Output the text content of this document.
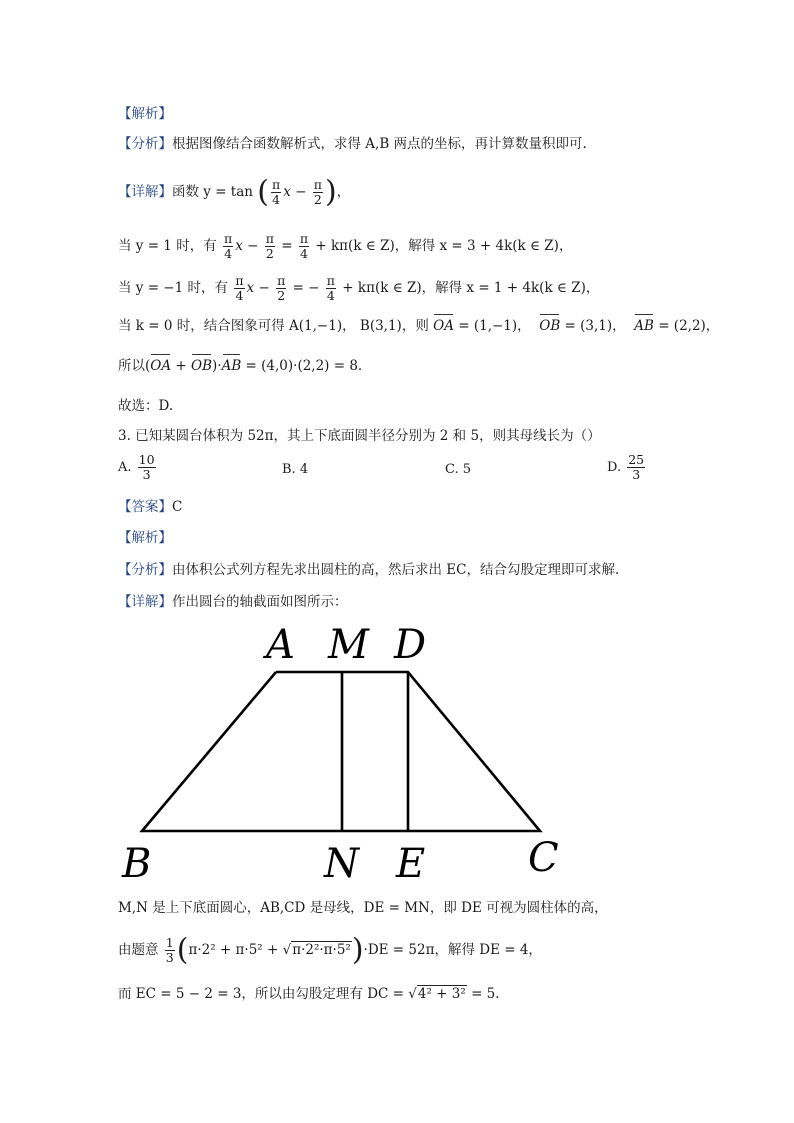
【解析】
【分析】根据图像结合函数解析式，求得 A,B 两点的坐标，再计算数量积即可.
【详解】函数 y = tan ( $\frac{\pi}{4}$ $x - \frac{\pi}{2}$ )，
当 y = 1 时，有 $\frac{\pi}{4}$ $x - \frac{\pi}{2} = \frac{\pi}{4} + k\pi(k$ ∈ Z)，解得 x = 3 + 4k(k ∈ Z)，
当 y = −1 时，有 $\frac{\pi}{4}$ $x - \frac{\pi}{2}$ = − $\frac{\pi}{4} + k\pi(k$ ∈ Z)，解得 x = 1 + 4k(k ∈ Z)，
当 k = 0 时，结合图象可得 A(1,−1)， B(3,1)，则 OA = (1,−1)，  OB = (3,1)，  AB = (2,2)，
所以(OA + OB)·AB = (4,0)·(2,2) = 8.
故选：D.
3. 已知某圆台体积为 52π，其上下底面圆半径分别为 2 和 5，则其母线长为（）
A. $\frac{10}{3}$	B. 4	C. 5	D. $\frac{25}{3}$
【答案】C
【解析】
【分析】由体积公式列方程先求出圆柱的高，然后求出 EC，结合勾股定理即可求解.
【详解】作出圆台的轴截面如图所示：
A M D
B	N E	C
M,N 是上下底面圆心，AB,CD 是母线，DE = MN，即 DE 可视为圆柱体的高，
由题意 $\frac{1}{3} (\pi\cdot 2^2 + \pi\cdot 5^2 + √\pi\cdot 2^2\cdot\pi\cdot 5^2)\cdot DE = 52\pi$，解得 DE = 4，
而 EC = 5 − 2 = 3，所以由勾股定理有 DC = √4² + 3² = 5.
